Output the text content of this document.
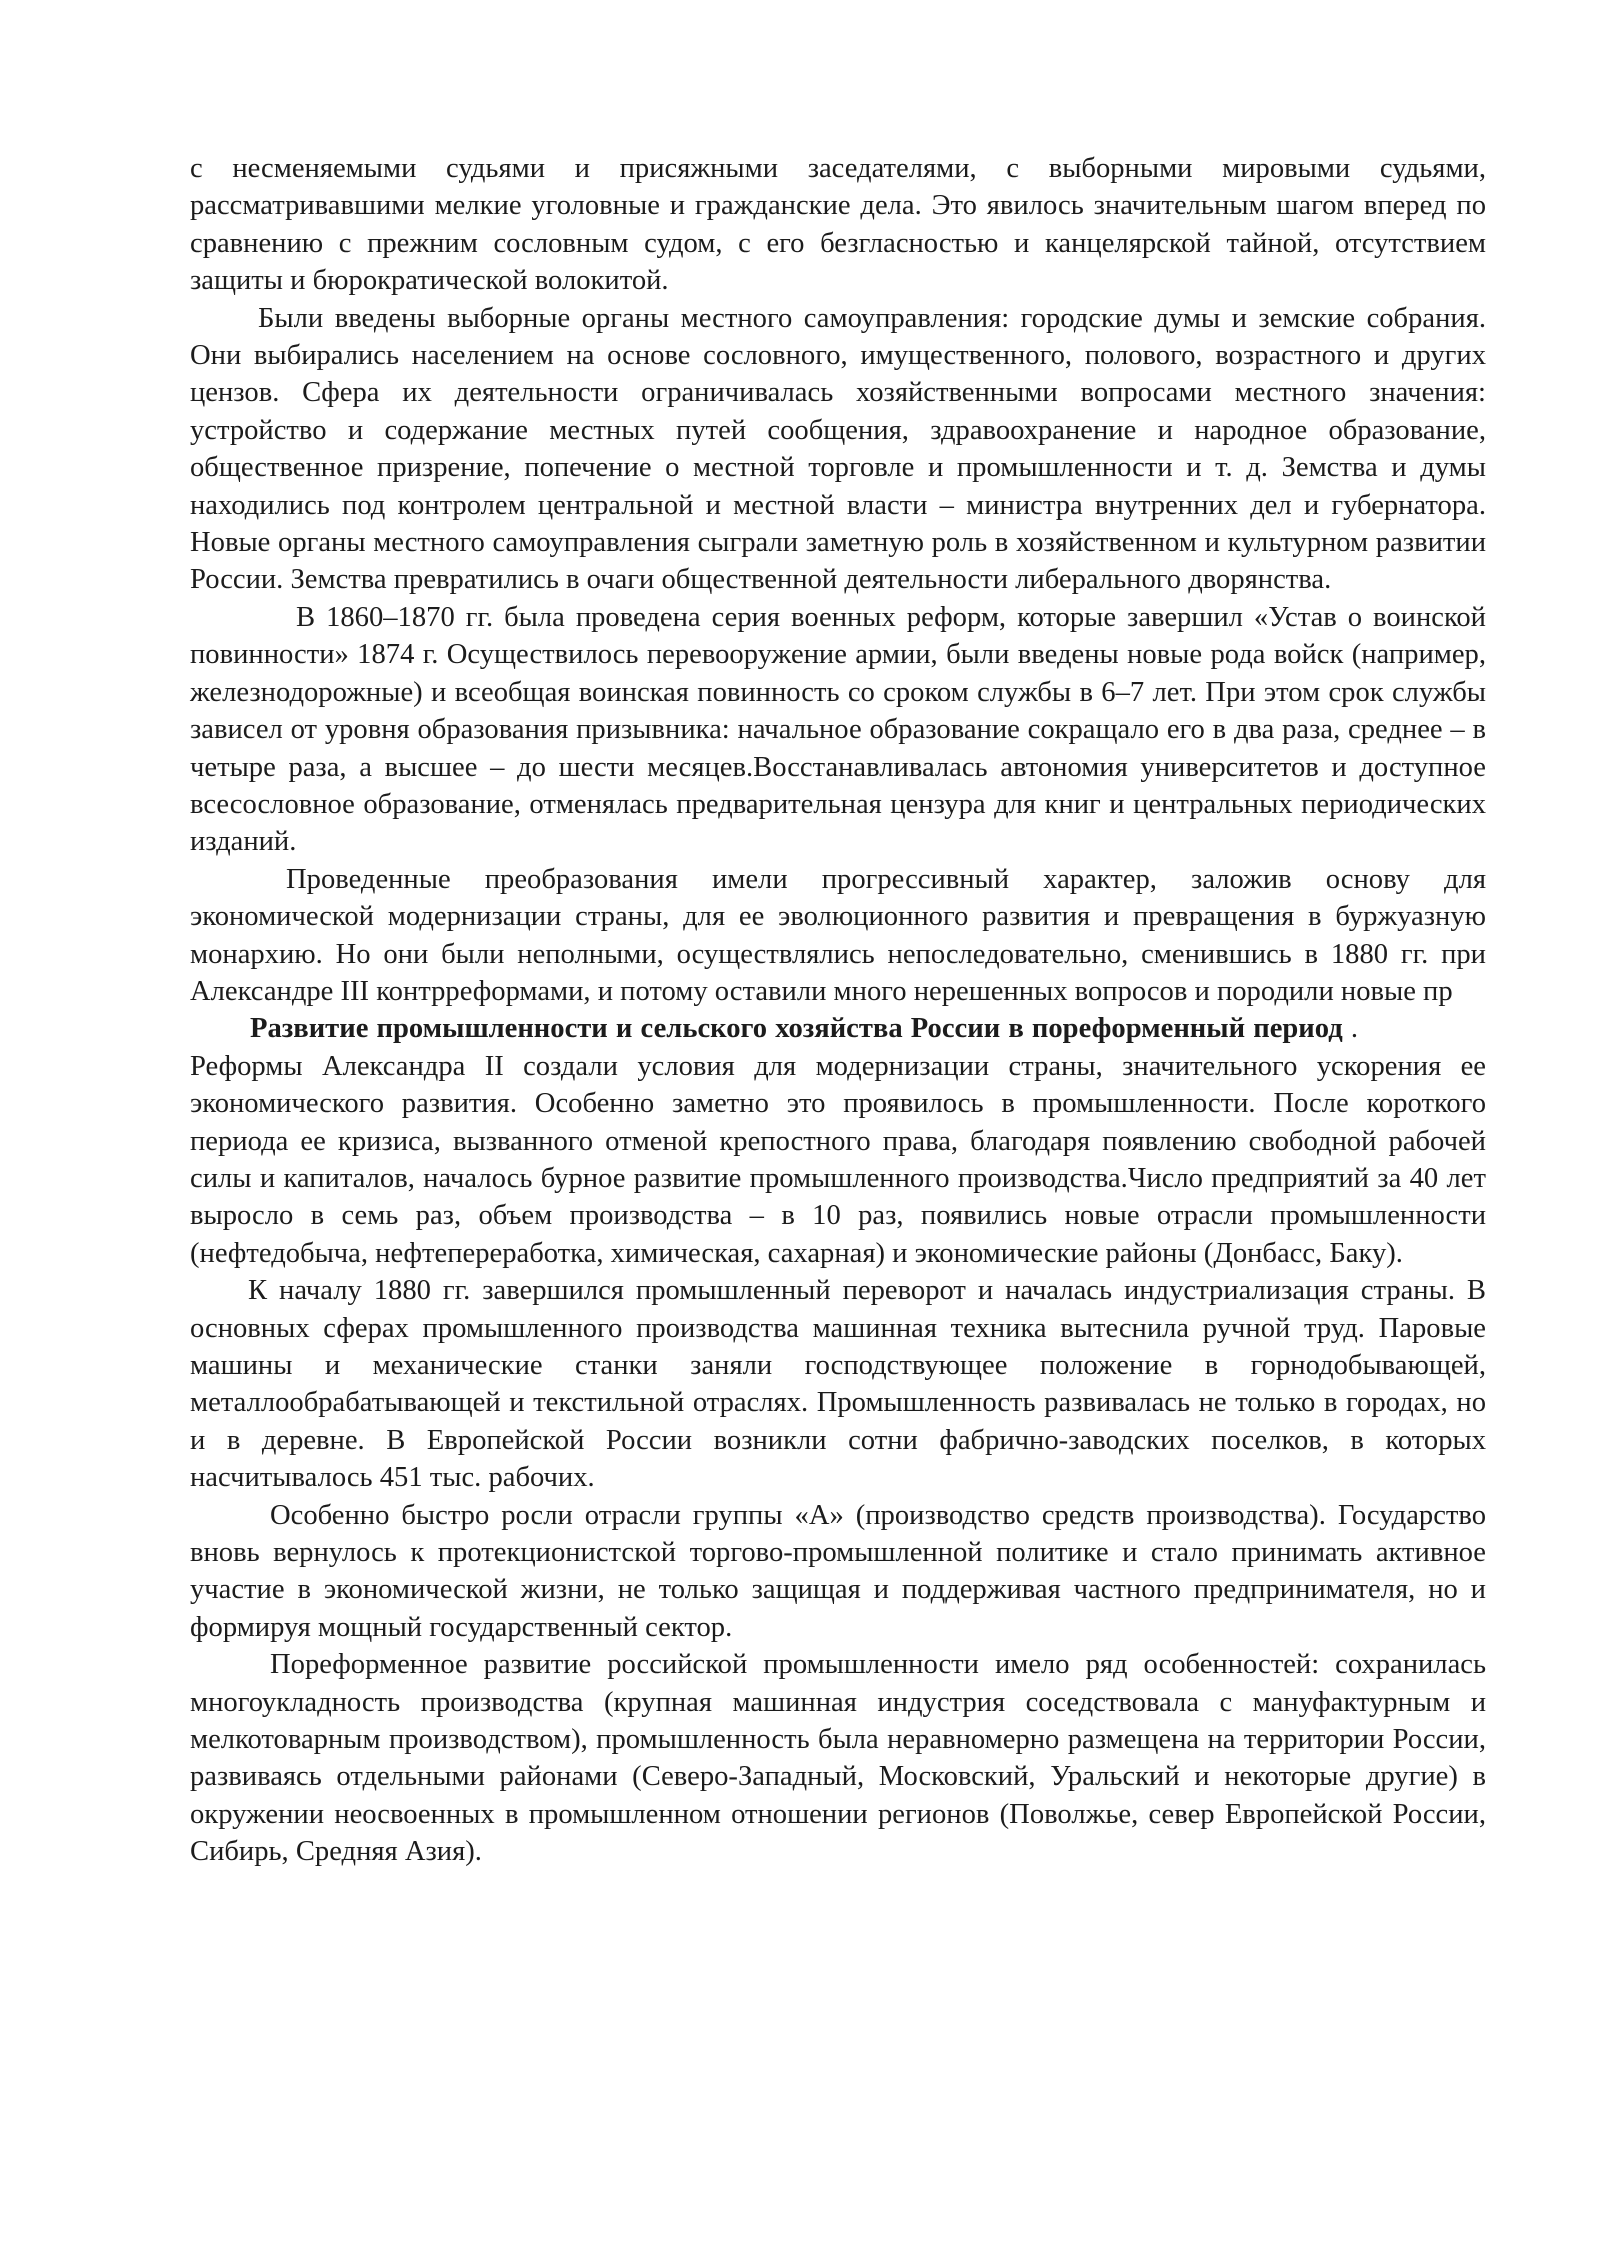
с несменяемыми судьями и присяжными заседателями, с выборными мировыми судьями, рассматривавшими мелкие уголовные и гражданские дела. Это явилось значительным шагом вперед по сравнению с прежним сословным судом, с его безгласностью и канцелярской тайной, отсутствием защиты и бюрократической волокитой.

Были введены выборные органы местного самоуправления: городские думы и земские собрания. Они выбирались населением на основе сословного, имущественного, полового, возрастного и других цензов. Сфера их деятельности ограничивалась хозяйственными вопросами местного значения: устройство и содержание местных путей сообщения, здравоохранение и народное образование, общественное призрение, попечение о местной торговле и промышленности и т. д. Земства и думы находились под контролем центральной и местной власти – министра внутренних дел и губернатора. Новые органы местного самоуправления сыграли заметную роль в хозяйственном и культурном развитии России. Земства превратились в очаги общественной деятельности либерального дворянства.

В 1860–1870 гг. была проведена серия военных реформ, которые завершил «Устав о воинской повинности» 1874 г. Осуществилось перевооружение армии, были введены новые рода войск (например, железнодорожные) и всеобщая воинская повинность со сроком службы в 6–7 лет. При этом срок службы зависел от уровня образования призывника: начальное образование сокращало его в два раза, среднее – в четыре раза, а высшее – до шести месяцев.Восстанавливалась автономия университетов и доступное всесословное образование, отменялась предварительная цензура для книг и центральных периодических изданий.

Проведенные преобразования имели прогрессивный характер, заложив основу для экономической модернизации страны, для ее эволюционного развития и превращения в буржуазную монархию. Но они были неполными, осуществлялись непоследовательно, сменившись в 1880 гг. при Александре III контрреформами, и потому оставили много нерешенных вопросов и породили новые пр

Развитие промышленности и сельского хозяйства России в пореформенный период .Реформы Александра II создали условия для модернизации страны, значительного ускорения ее экономического развития. Особенно заметно это проявилось в промышленности. После короткого периода ее кризиса, вызванного отменой крепостного права, благодаря появлению свободной рабочей силы и капиталов, началось бурное развитие промышленного производства.Число предприятий за 40 лет выросло в семь раз, объем производства – в 10 раз, появились новые отрасли промышленности (нефтедобыча, нефтепереработка, химическая, сахарная) и экономические районы (Донбасс, Баку).

К началу 1880 гг. завершился промышленный переворот и началась индустриализация страны. В основных сферах промышленного производства машинная техника вытеснила ручной труд. Паровые машины и механические станки заняли господствующее положение в горнодобывающей, металлообрабатывающей и текстильной отраслях. Промышленность развивалась не только в городах, но и в деревне. В Европейской России возникли сотни фабрично-заводских поселков, в которых насчитывалось 451 тыс. рабочих.

Особенно быстро росли отрасли группы «А» (производство средств производства). Государство вновь вернулось к протекционистской торгово-промышленной политике и стало принимать активное участие в экономической жизни, не только защищая и поддерживая частного предпринимателя, но и формируя мощный государственный сектор.

Пореформенное развитие российской промышленности имело ряд особенностей: сохранилась многоукладность производства (крупная машинная индустрия соседствовала с мануфактурным и мелкотоварным производством), промышленность была неравномерно размещена на территории России, развиваясь отдельными районами (Северо-Западный, Московский, Уральский и некоторые другие) в окружении неосвоенных в промышленном отношении регионов (Поволжье, север Европейской России, Сибирь, Средняя Азия).
